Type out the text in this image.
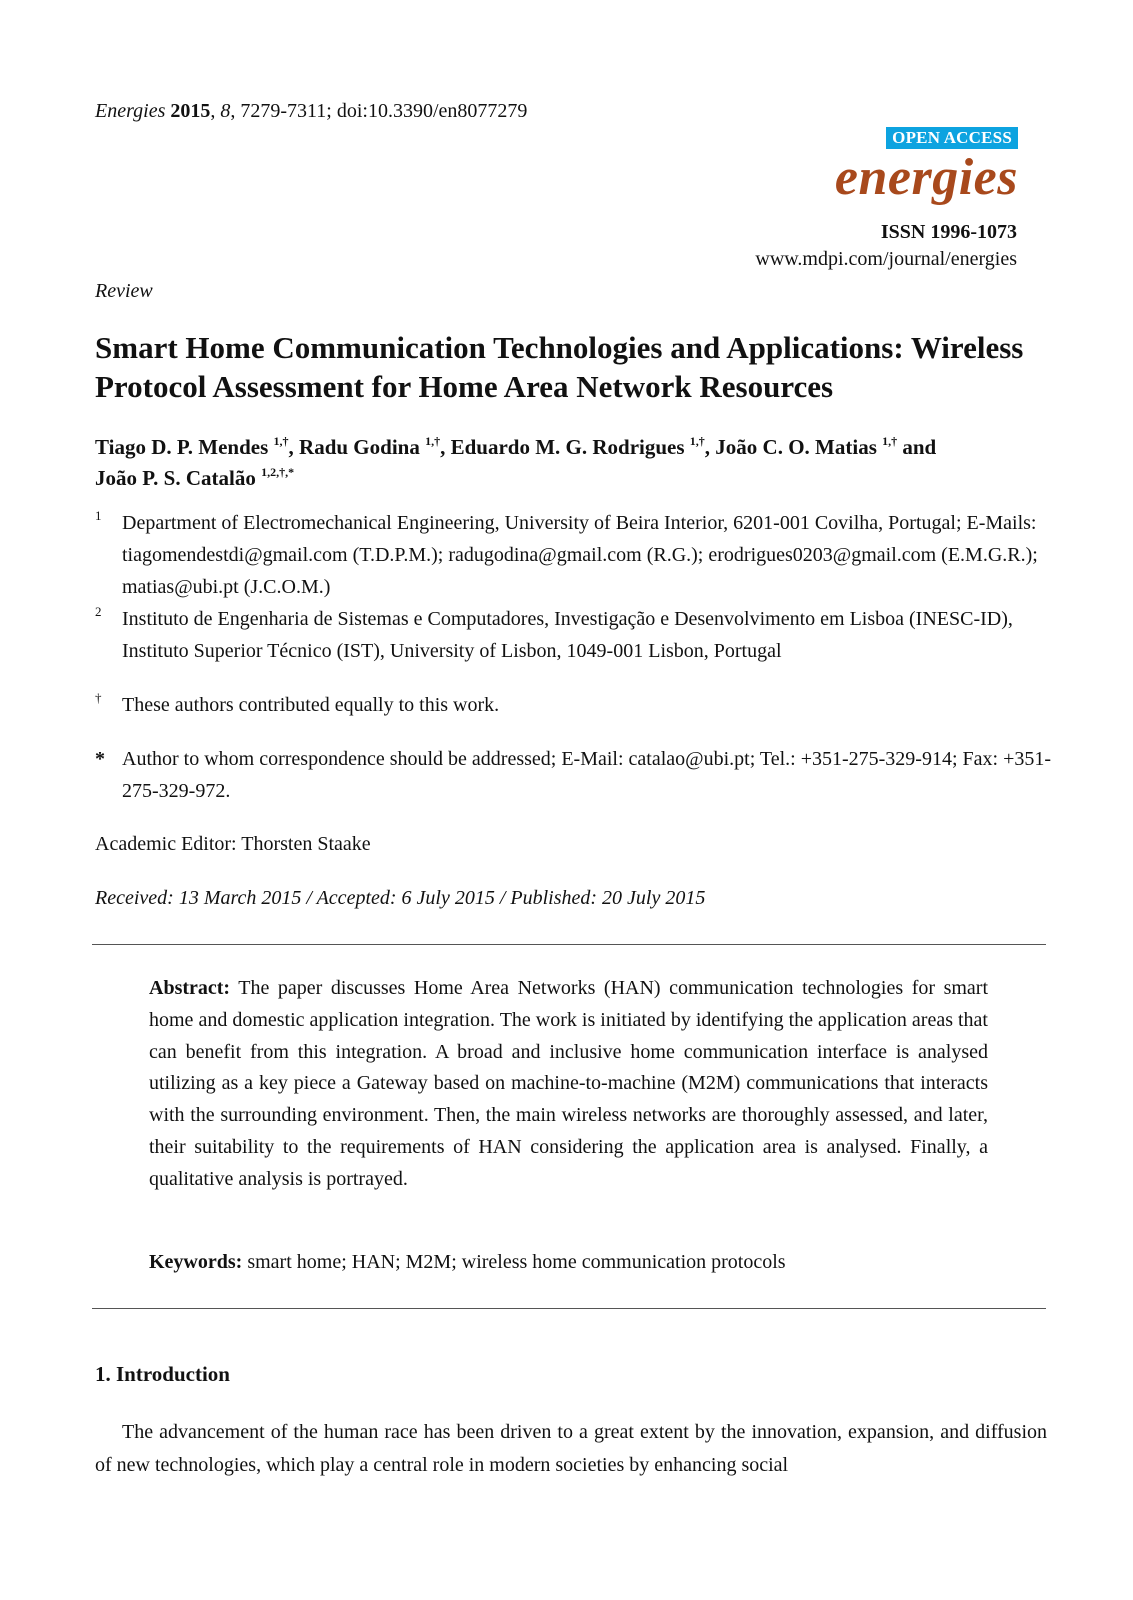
Energies 2015, 8, 7279-7311; doi:10.3390/en8077279
OPEN ACCESS
energies
ISSN 1996-1073
www.mdpi.com/journal/energies
Review
Smart Home Communication Technologies and Applications: Wireless Protocol Assessment for Home Area Network Resources
Tiago D. P. Mendes $^{1,\dagger}$, Radu Godina $^{1,\dagger}$, Eduardo M. G. Rodrigues $^{1,\dagger}$, João C. O. Matias $^{1,\dagger}$ and
João P. S. Catalão $^{1,2,\dagger,*}$
1 Department of Electromechanical Engineering, University of Beira Interior, 6201-001 Covilha, Portugal; E-Mails: tiagomendestdi@gmail.com (T.D.P.M.); radugodina@gmail.com (R.G.); erodrigues0203@gmail.com (E.M.G.R.); matias@ubi.pt (J.C.O.M.)
2 Instituto de Engenharia de Sistemas e Computadores, Investigação e Desenvolvimento em Lisboa (INESC-ID), Instituto Superior Técnico (IST), University of Lisbon, 1049-001 Lisbon, Portugal
† These authors contributed equally to this work.
* Author to whom correspondence should be addressed; E-Mail: catalao@ubi.pt; Tel.: +351-275-329-914; Fax: +351-275-329-972.
Academic Editor: Thorsten Staake
Received: 13 March 2015 / Accepted: 6 July 2015 / Published: 20 July 2015
Abstract: The paper discusses Home Area Networks (HAN) communication technologies for smart home and domestic application integration. The work is initiated by identifying the application areas that can benefit from this integration. A broad and inclusive home communication interface is analysed utilizing as a key piece a Gateway based on machine-to-machine (M2M) communications that interacts with the surrounding environment. Then, the main wireless networks are thoroughly assessed, and later, their suitability to the requirements of HAN considering the application area is analysed. Finally, a qualitative analysis is portrayed.
Keywords: smart home; HAN; M2M; wireless home communication protocols
1. Introduction
The advancement of the human race has been driven to a great extent by the innovation, expansion, and diffusion of new technologies, which play a central role in modern societies by enhancing social
